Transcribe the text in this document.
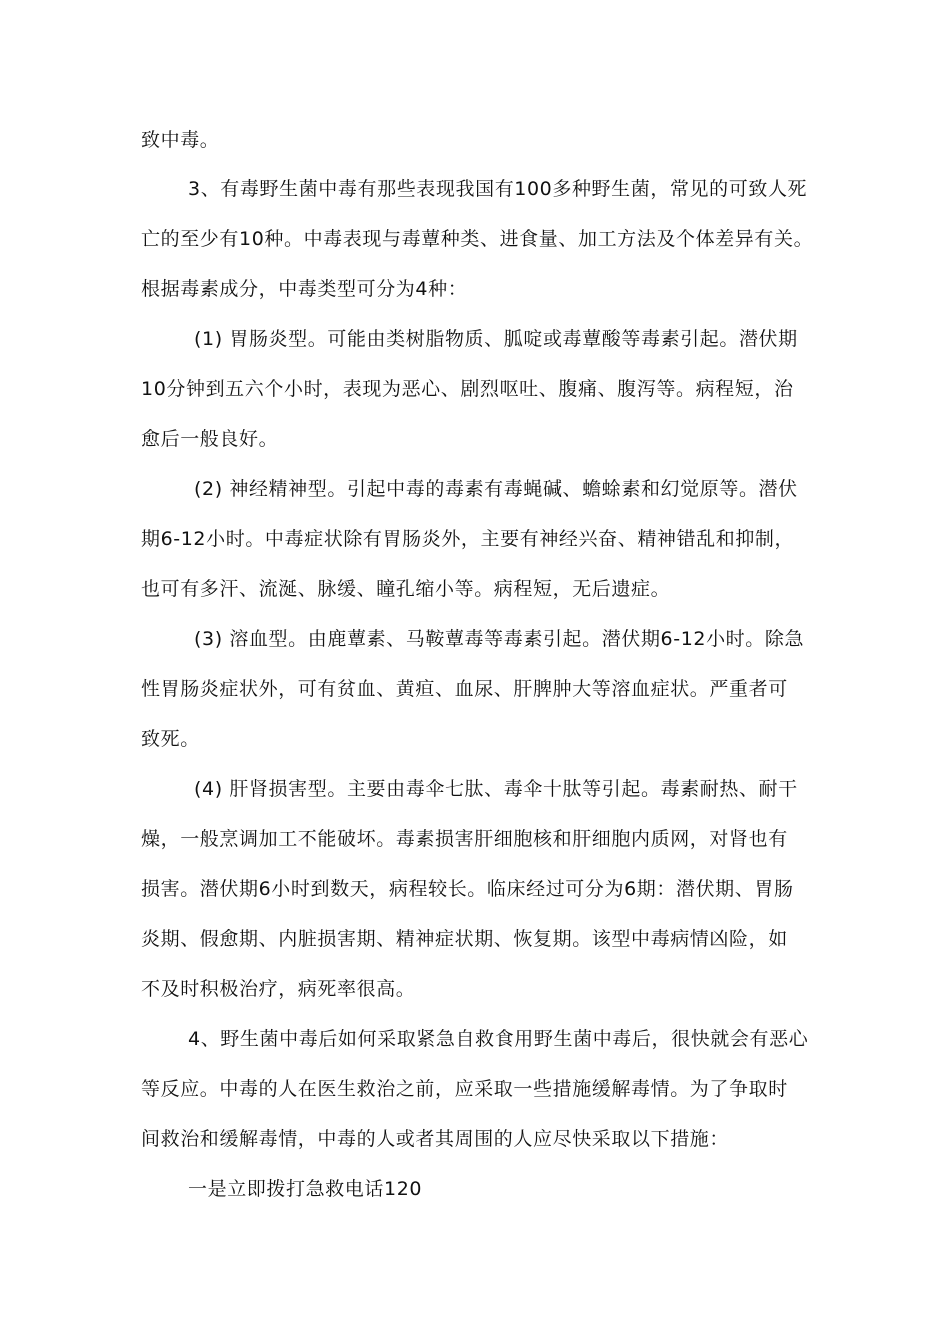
致中毒。
3、有毒野生菌中毒有那些表现我国有100多种野生菌，常见的可致人死
亡的至少有10种。中毒表现与毒蕈种类、进食量、加工方法及个体差异有关。
根据毒素成分，中毒类型可分为4种：
(1) 胃肠炎型。可能由类树脂物质、胍啶或毒蕈酸等毒素引起。潜伏期
10分钟到五六个小时，表现为恶心、剧烈呕吐、腹痛、腹泻等。病程短，治
愈后一般良好。
(2) 神经精神型。引起中毒的毒素有毒蝇碱、蟾蜍素和幻觉原等。潜伏
期6-12小时。中毒症状除有胃肠炎外，主要有神经兴奋、精神错乱和抑制，
也可有多汗、流涎、脉缓、瞳孔缩小等。病程短，无后遗症。
(3) 溶血型。由鹿蕈素、马鞍蕈毒等毒素引起。潜伏期6-12小时。除急
性胃肠炎症状外，可有贫血、黄疸、血尿、肝脾肿大等溶血症状。严重者可
致死。
(4) 肝肾损害型。主要由毒伞七肽、毒伞十肽等引起。毒素耐热、耐干
燥，一般烹调加工不能破坏。毒素损害肝细胞核和肝细胞内质网，对肾也有
损害。潜伏期6小时到数天，病程较长。临床经过可分为6期：潜伏期、胃肠
炎期、假愈期、内脏损害期、精神症状期、恢复期。该型中毒病情凶险，如
不及时积极治疗，病死率很高。
4、野生菌中毒后如何采取紧急自救食用野生菌中毒后，很快就会有恶心
等反应。中毒的人在医生救治之前，应采取一些措施缓解毒情。为了争取时
间救治和缓解毒情，中毒的人或者其周围的人应尽快采取以下措施：
一是立即拨打急救电话120
